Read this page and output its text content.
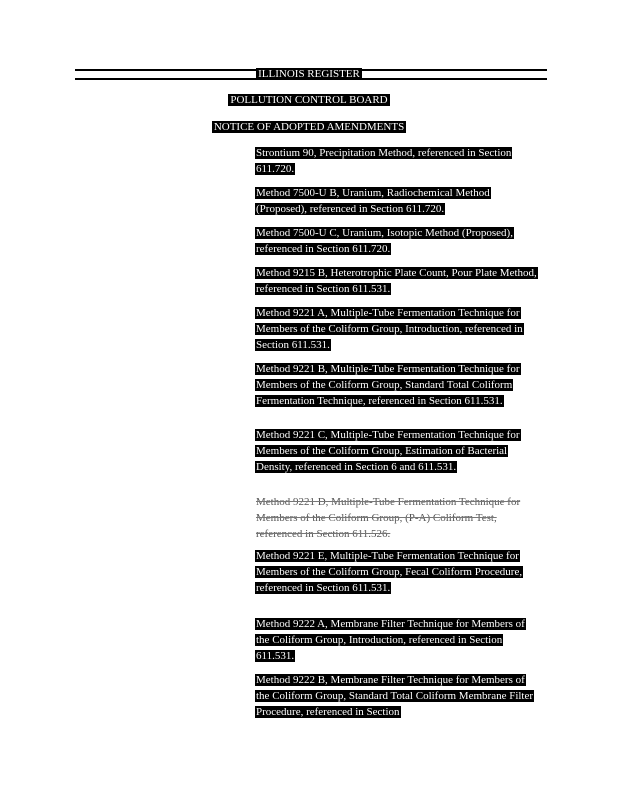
ILLINOIS REGISTER
POLLUTION CONTROL BOARD
NOTICE OF ADOPTED AMENDMENTS
Strontium 90, Precipitation Method, referenced in Section 611.720.
Method 7500-U B, Uranium, Radiochemical Method (Proposed), referenced in Section 611.720.
Method 7500-U C, Uranium, Isotopic Method (Proposed), referenced in Section 611.720.
Method 9215 B, Heterotrophic Plate Count, Pour Plate Method, referenced in Section 611.531.
Method 9221 A, Multiple-Tube Fermentation Technique for Members of the Coliform Group, Introduction, referenced in Section 611.531.
Method 9221 B, Multiple-Tube Fermentation Technique for Members of the Coliform Group, Standard Total Coliform Fermentation Technique, referenced in Section 611.531.
Method 9221 C, Multiple-Tube Fermentation Technique for Members of the Coliform Group, Estimation of Bacterial Density, referenced in Section 6 and 611.531.
Method 9221 D, Multiple-Tube Fermentation Technique for Members of the Coliform Group, (P-A) Coliform Test, referenced in Section 611.526.
Method 9221 E, Multiple-Tube Fermentation Technique for Members of the Coliform Group, Fecal Coliform Procedure, referenced in Section 611.531.
Method 9222 A, Membrane Filter Technique for Members of the Coliform Group, Introduction, referenced in Section 611.531.
Method 9222 B, Membrane Filter Technique for Members of the Coliform Group, Standard Total Coliform Membrane Filter Procedure, referenced in Section
